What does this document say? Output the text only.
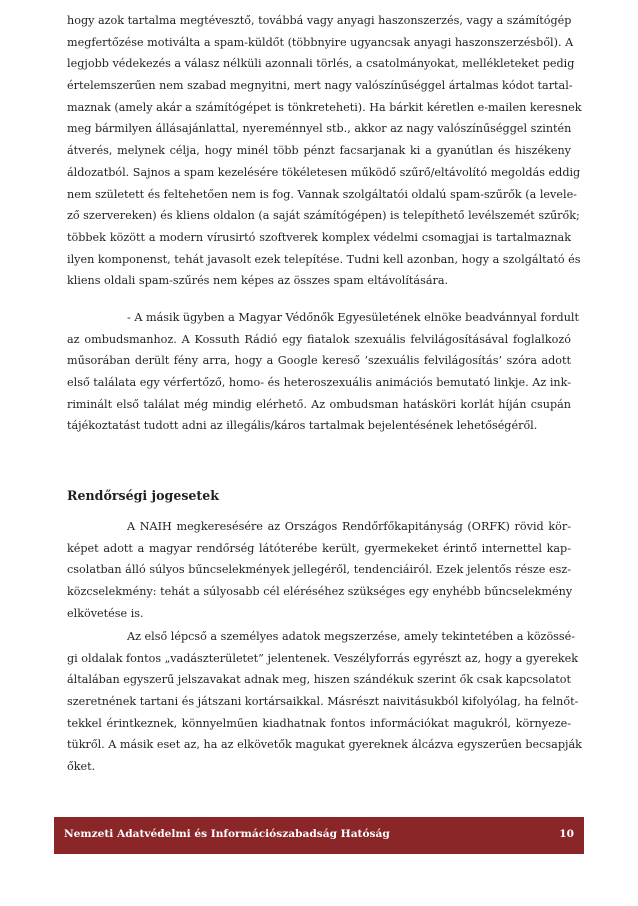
hogy azok tartalma megtévesztő, továbbá vagy anyagi haszonszerzés, vagy a számítógép
megfertőzése motiválta a spam-küldőt (többnyire ugyancsak anyagi haszonszerzésből). A
legjobb védekezés a válasz nélküli azonnali törlés, a csatolmányokat, mellékleteket pedig
értelemszerűen nem szabad megnyitni, mert nagy valószínűséggel ártalmas kódot tartal-
maznak (amely akár a számítógépet is tönkreteheti). Ha bárkit kéretlen e-mailen keresnek
meg bármilyen állásajánlattal, nyereménnyel stb., akkor az nagy valószínűséggel szintén
átverés, melynek célja, hogy minél több pénzt facsarjanak ki a gyanútlan és hiszékeny
áldozatból. Sajnos a spam kezelésére tökéletesen működő szűrő/eltávolító megoldás eddig
nem született és feltehetően nem is fog. Vannak szolgáltatói oldalú spam-szűrők (a levele-
ző szervereken) és kliens oldalon (a saját számítógépen) is telepíthető levélszemét szűrők;
többek között a modern vírusirtó szoftverek komplex védelmi csomagjai is tartalmaznak
ilyen komponenst, tehát javasolt ezek telepítése. Tudni kell azonban, hogy a szolgáltató és
kliens oldali spam-szűrés nem képes az összes spam eltávolítására.
- A másik ügyben a Magyar Védőnők Egyesületének elnöke beadvánnyal fordult
az ombudsmanhoz. A Kossuth Rádió egy fiatalok szexuális felvilágosításával foglalkozó
műsorában derült fény arra, hogy a Google kereső ’szexuális felvilágosítás’ szóra adott
első találata egy vérfertőző, homo- és heteroszexuális animációs bemutató linkje. Az ink-
riminált első találat még mindig elérhető. Az ombudsman hatásköri korlát híján csupán
tájékoztatást tudott adni az illegális/káros tartalmak bejelentésének lehetőségéről.
Rendőrségi jogesetek
A NAIH megkeresésére az Országos Rendőrfőkapitányság (ORFK) rövid kör-
képet adott a magyar rendőrség látóterébe került, gyermekeket érintő internettel kap-
csolatban álló súlyos bűncselekmények jellegéről, tendenciáiról. Ezek jelentős része esz-
közcselekmény: tehát a súlyosabb cél eléréséhez szükséges egy enyhébb bűncselekmény
elkövetése is.
Az első lépcső a személyes adatok megszerzése, amely tekintetében a közössé-
gi oldalak fontos „vadászterületet” jelentenek. Veszélyforrás egyrészt az, hogy a gyerekek
általában egyszerű jelszavakat adnak meg, hiszen szándékuk szerint ők csak kapcsolatot
szeretnének tartani és játszani kortársaikkal. Másrészt naivitásukból kifolyólag, ha felnőt-
tekkel érintkeznek, könnyelműen kiadhatnak fontos információkat magukról, környeze-
tükről. A másik eset az, ha az elkövetők magukat gyereknek álcázva egyszerűen becsapják
őket.
Nemzeti Adatvédelmi és Információszabadság Hatóság	10
